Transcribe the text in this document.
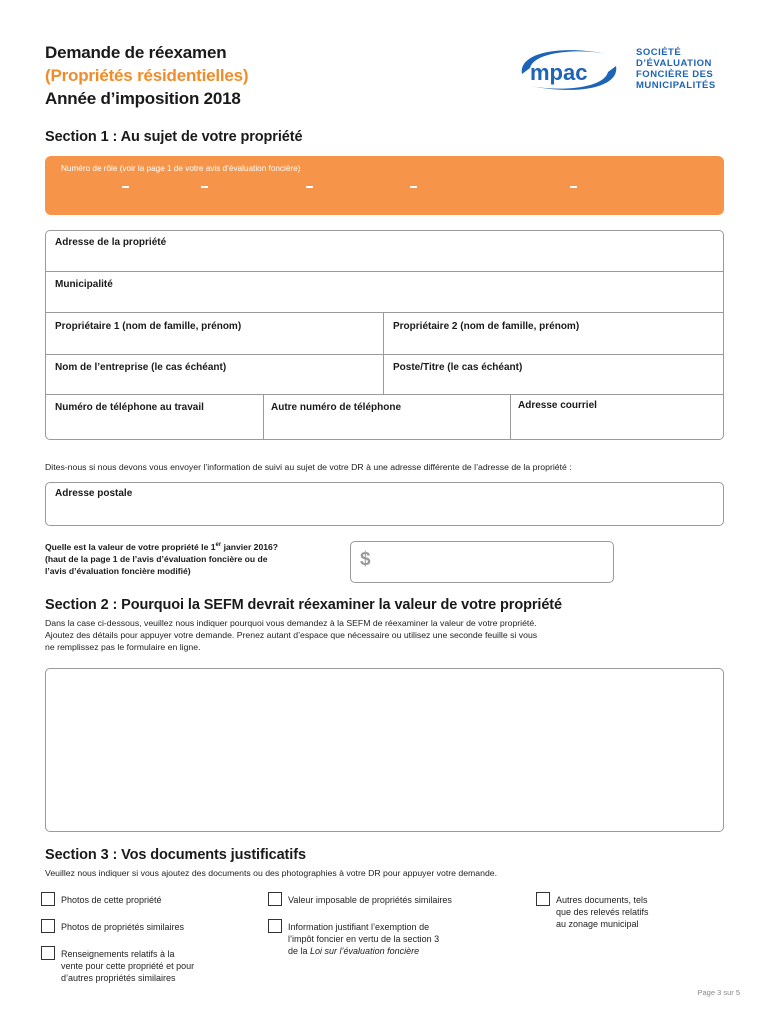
Demande de réexamen
(Propriétés résidentielles)
Année d’imposition 2018
mpac
SOCIÉTÉ
D’ÉVALUATION
FONCIÈRE DES
MUNICIPALITÉS
Section 1 : Au sujet de votre propriété
Numéro de rôle (voir la page 1 de votre avis d’évaluation foncière)
Adresse de la propriété
Municipalité
Propriétaire 1 (nom de famille, prénom)	Propriétaire 2 (nom de famille, prénom)
Nom de l’entreprise (le cas échéant)	Poste/Titre (le cas échéant)
Numéro de téléphone au travail	Autre numéro de téléphone	Adresse courriel
Dites-nous si nous devons vous envoyer l’information de suivi au sujet de votre DR à une adresse différente de l’adresse de la propriété :
Adresse postale
Quelle est la valeur de votre propriété le 1er janvier 2016?
(haut de la page 1 de l’avis d’évaluation foncière ou de
l’avis d’évaluation foncière modifié)
$
Section 2 : Pourquoi la SEFM devrait réexaminer la valeur de votre propriété
Dans la case ci-dessous, veuillez nous indiquer pourquoi vous demandez à la SEFM de réexaminer la valeur de votre propriété.
Ajoutez des détails pour appuyer votre demande. Prenez autant d’espace que nécessaire ou utilisez une seconde feuille si vous
ne remplissez pas le formulaire en ligne.
Section 3 : Vos documents justificatifs
Veuillez nous indiquer si vous ajoutez des documents ou des photographies à votre DR pour appuyer votre demande.
Photos de cette propriété
Photos de propriétés similaires
Renseignements relatifs à la
vente pour cette propriété et pour
d’autres propriétés similaires
Valeur imposable de propriétés similaires
Information justifiant l’exemption de
l’impôt foncier en vertu de la section 3
de la Loi sur l’évaluation foncière
Autres documents, tels
que des relevés relatifs
au zonage municipal
Page 3 sur 5
